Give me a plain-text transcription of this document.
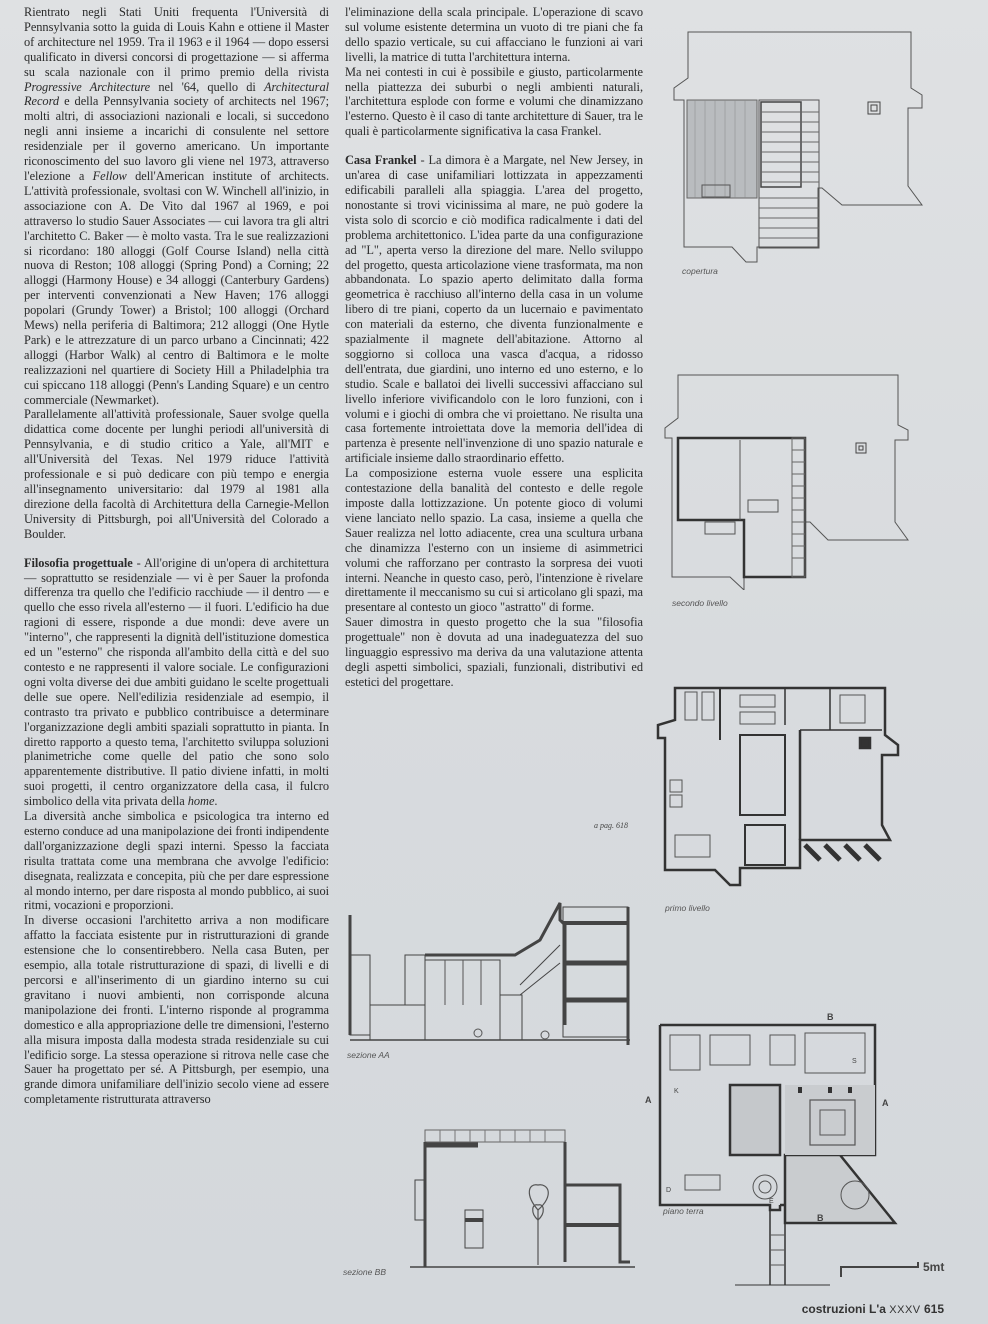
Rientrato negli Stati Uniti frequenta l'Università di Pennsylvania sotto la guida di Louis Kahn e ottiene il Master of architecture nel 1959. Tra il 1963 e il 1964 — dopo essersi qualificato in diversi concorsi di progettazione — si afferma su scala nazionale con il primo premio della rivista Progressive Architecture nel '64, quello di Architectural Record e della Pennsylvania society of architects nel 1967; molti altri, di associazioni nazionali e locali, si succedono negli anni insieme a incarichi di consulente nel settore residenziale per il governo americano. Un importante riconoscimento del suo lavoro gli viene nel 1973, attraverso l'elezione a Fellow dell'American institute of architects. L'attività professionale, svoltasi con W. Winchell all'inizio, in associazione con A. De Vito dal 1967 al 1969, e poi attraverso lo studio Sauer Associates — cui lavora tra gli altri l'architetto C. Baker — è molto vasta. Tra le sue realizzazioni si ricordano: 180 alloggi (Golf Course Island) nella città nuova di Reston; 108 alloggi (Spring Pond) a Corning; 22 alloggi (Harmony House) e 34 alloggi (Canterbury Gardens) per interventi convenzionati a New Haven; 176 alloggi popolari (Grundy Tower) a Bristol; 100 alloggi (Orchard Mews) nella periferia di Baltimora; 212 alloggi (One Hytle Park) e le attrezzature di un parco urbano a Cincinnati; 422 alloggi (Harbor Walk) al centro di Baltimora e le molte realizzazioni nel quartiere di Society Hill a Philadelphia tra cui spiccano 118 alloggi (Penn's Landing Square) e un centro commerciale (Newmarket).

Parallelamente all'attività professionale, Sauer svolge quella didattica come docente per lunghi periodi all'università di Pennsylvania, e di studio critico a Yale, all'MIT e all'Università del Texas. Nel 1979 riduce l'attività professionale e si può dedicare con più tempo e energia all'insegnamento universitario: dal 1979 al 1981 alla direzione della facoltà di Architettura della Carnegie-Mellon University di Pittsburgh, poi all'Università del Colorado a Boulder.

Filosofia progettuale - All'origine di un'opera di architettura — soprattutto se residenziale — vi è per Sauer la profonda differenza tra quello che l'edificio racchiude — il dentro — e quello che esso rivela all'esterno — il fuori. L'edificio ha due ragioni di essere, risponde a due mondi: deve avere un "interno", che rappresenti la dignità dell'istituzione domestica ed un "esterno" che risponda all'ambito della città e del suo contesto e ne rappresenti il valore sociale. Le configurazioni ogni volta diverse dei due ambiti guidano le scelte progettuali delle sue opere. Nell'edilizia residenziale ad esempio, il contrasto tra privato e pubblico contribuisce a determinare l'organizzazione degli ambiti spaziali soprattutto in pianta. In diretto rapporto a questo tema, l'architetto sviluppa soluzioni planimetriche come quelle del patio che sono solo apparentemente distributive. Il patio diviene infatti, in molti suoi progetti, il centro organizzatore della casa, il fulcro simbolico della vita privata della home.

La diversità anche simbolica e psicologica tra interno ed esterno conduce ad una manipolazione dei fronti indipendente dall'organizzazione degli spazi interni. Spesso la facciata risulta trattata come una membrana che avvolge l'edificio: disegnata, realizzata e concepita, più che per dare espressione al mondo interno, per dare risposta al mondo pubblico, ai suoi ritmi, vocazioni e proporzioni.

In diverse occasioni l'architetto arriva a non modificare affatto la facciata esistente pur in ristrutturazioni di grande estensione che lo consentirebbero. Nella casa Buten, per esempio, alla totale ristrutturazione di spazi, di livelli e di percorsi e all'inserimento di un giardino interno su cui gravitano i nuovi ambienti, non corrisponde alcuna manipolazione dei fronti. L'interno risponde al programma domestico e alla appropriazione delle tre dimensioni, l'esterno alla misura imposta dalla modesta strada residenziale su cui l'edificio sorge. La stessa operazione si ritrova nelle case che Sauer ha progettato per sé. A Pittsburgh, per esempio, una grande dimora unifamiliare dell'inizio secolo viene ad essere completamente ristrutturata attraverso

l'eliminazione della scala principale. L'operazione di scavo sul volume esistente determina un vuoto di tre piani che fa dello spazio verticale, su cui affacciano le funzioni ai vari livelli, la matrice di tutta l'architettura interna.

Ma nei contesti in cui è possibile e giusto, particolarmente nella piattezza dei suburbi o negli ambienti naturali, l'architettura esplode con forme e volumi che dinamizzano l'esterno. Questo è il caso di tante architetture di Sauer, tra le quali è particolarmente significativa la casa Frankel.

Casa Frankel - La dimora è a Margate, nel New Jersey, in un'area di case unifamiliari lottizzata in appezzamenti edificabili paralleli alla spiaggia. L'area del progetto, nonostante si trovi vicinissima al mare, ne può godere la vista solo di scorcio e ciò modifica radicalmente i dati del problema architettonico. L'idea parte da una configurazione ad "L", aperta verso la direzione del mare. Nello sviluppo del progetto, questa articolazione viene trasformata, ma non abbandonata. Lo spazio aperto delimitato dalla forma geometrica è racchiuso all'interno della casa in un volume libero di tre piani, coperto da un lucernaio e pavimentato con materiali da esterno, che diventa funzionalmente e spazialmente il magnete dell'abitazione. Attorno al soggiorno si colloca una vasca d'acqua, a ridosso dell'entrata, due giardini, uno interno ed uno esterno, e lo studio. Scale e ballatoi dei livelli successivi affacciano sul livello inferiore vivificandolo con le loro funzioni, con i volumi e i giochi di ombra che vi proiettano. Ne risulta una casa fortemente introiettata dove la memoria dell'idea di partenza è presente nell'invenzione di uno spazio naturale e artificiale insieme dallo straordinario effetto.

La composizione esterna vuole essere una esplicita contestazione della banalità del contesto e delle regole imposte dalla lottizzazione. Un potente gioco di volumi viene lanciato nello spazio. La casa, insieme a quella che Sauer realizza nel lotto adiacente, crea una scultura urbana che dinamizza l'esterno con un insieme di asimmetrici volumi che rafforzano per contrasto la sorpresa dei vuoti interni. Neanche in questo caso, però, l'intenzione è rivelare direttamente il meccanismo su cui si articolano gli spazi, ma presentare al contesto un gioco "astratto" di forme.

Sauer dimostra in questo progetto che la sua "filosofia progettuale" non è dovuta ad una inadeguatezza del suo linguaggio espressivo ma deriva da una valutazione attenta degli aspetti simbolici, spaziali, funzionali, distributivi ed estetici del progettare.

a pag. 618
copertura
secondo livello
primo livello
sezione AA
sezione BB
B
A	A
B
E
K
D
S
piano terra
5mt
costruzioni L'a XXXV 615
